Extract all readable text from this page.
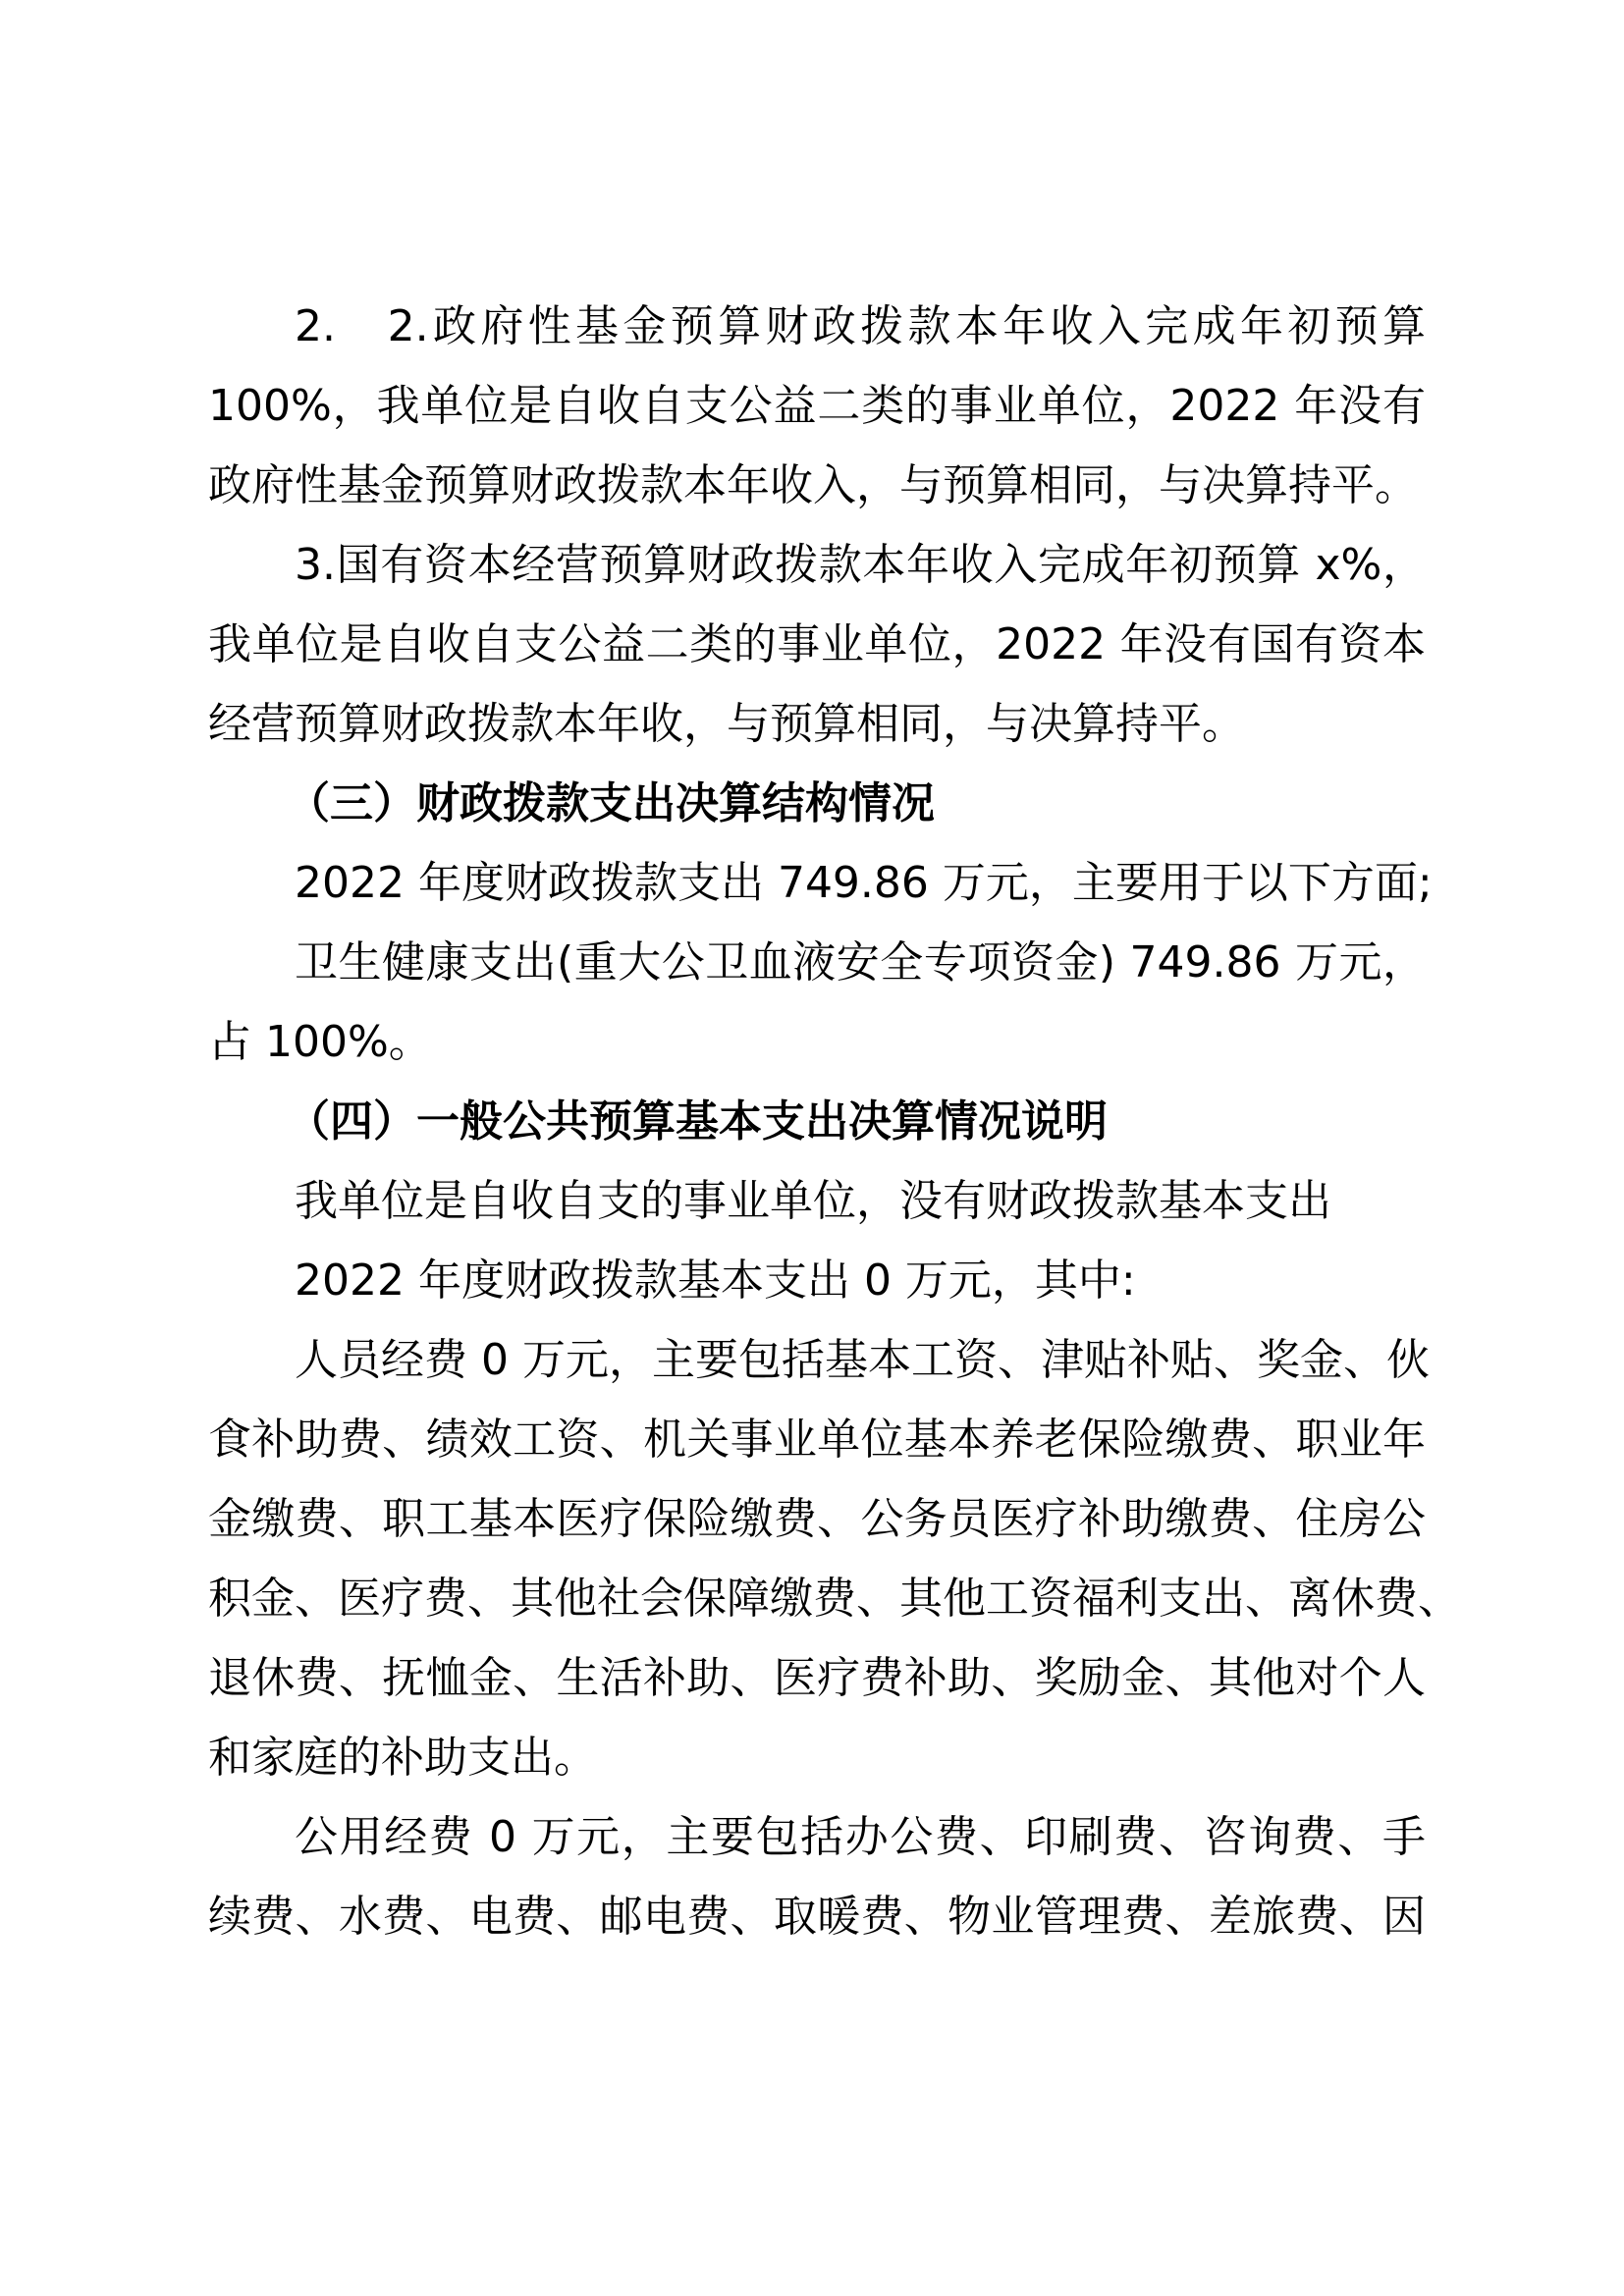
2.　2.政府性基金预算财政拨款本年收入完成年初预算
100%，我单位是自收自支公益二类的事业单位，2022 年没有
政府性基金预算财政拨款本年收入，与预算相同，与决算持平。
3.国有资本经营预算财政拨款本年收入完成年初预算 x%，
我单位是自收自支公益二类的事业单位，2022 年没有国有资本
经营预算财政拨款本年收，与预算相同，与决算持平。
（三）财政拨款支出决算结构情况
2022 年度财政拨款支出 749.86 万元，主要用于以下方面;
卫生健康支出(重大公卫血液安全专项资金) 749.86 万元，
占 100%。
（四）一般公共预算基本支出决算情况说明
我单位是自收自支的事业单位，没有财政拨款基本支出
2022 年度财政拨款基本支出 0 万元，其中:
人员经费 0 万元，主要包括基本工资、津贴补贴、奖金、伙
食补助费、绩效工资、机关事业单位基本养老保险缴费、职业年
金缴费、职工基本医疗保险缴费、公务员医疗补助缴费、住房公
积金、医疗费、其他社会保障缴费、其他工资福利支出、离休费、
退休费、抚恤金、生活补助、医疗费补助、奖励金、其他对个人
和家庭的补助支出。
公用经费 0 万元，主要包括办公费、印刷费、咨询费、手
续费、水费、电费、邮电费、取暖费、物业管理费、差旅费、因
